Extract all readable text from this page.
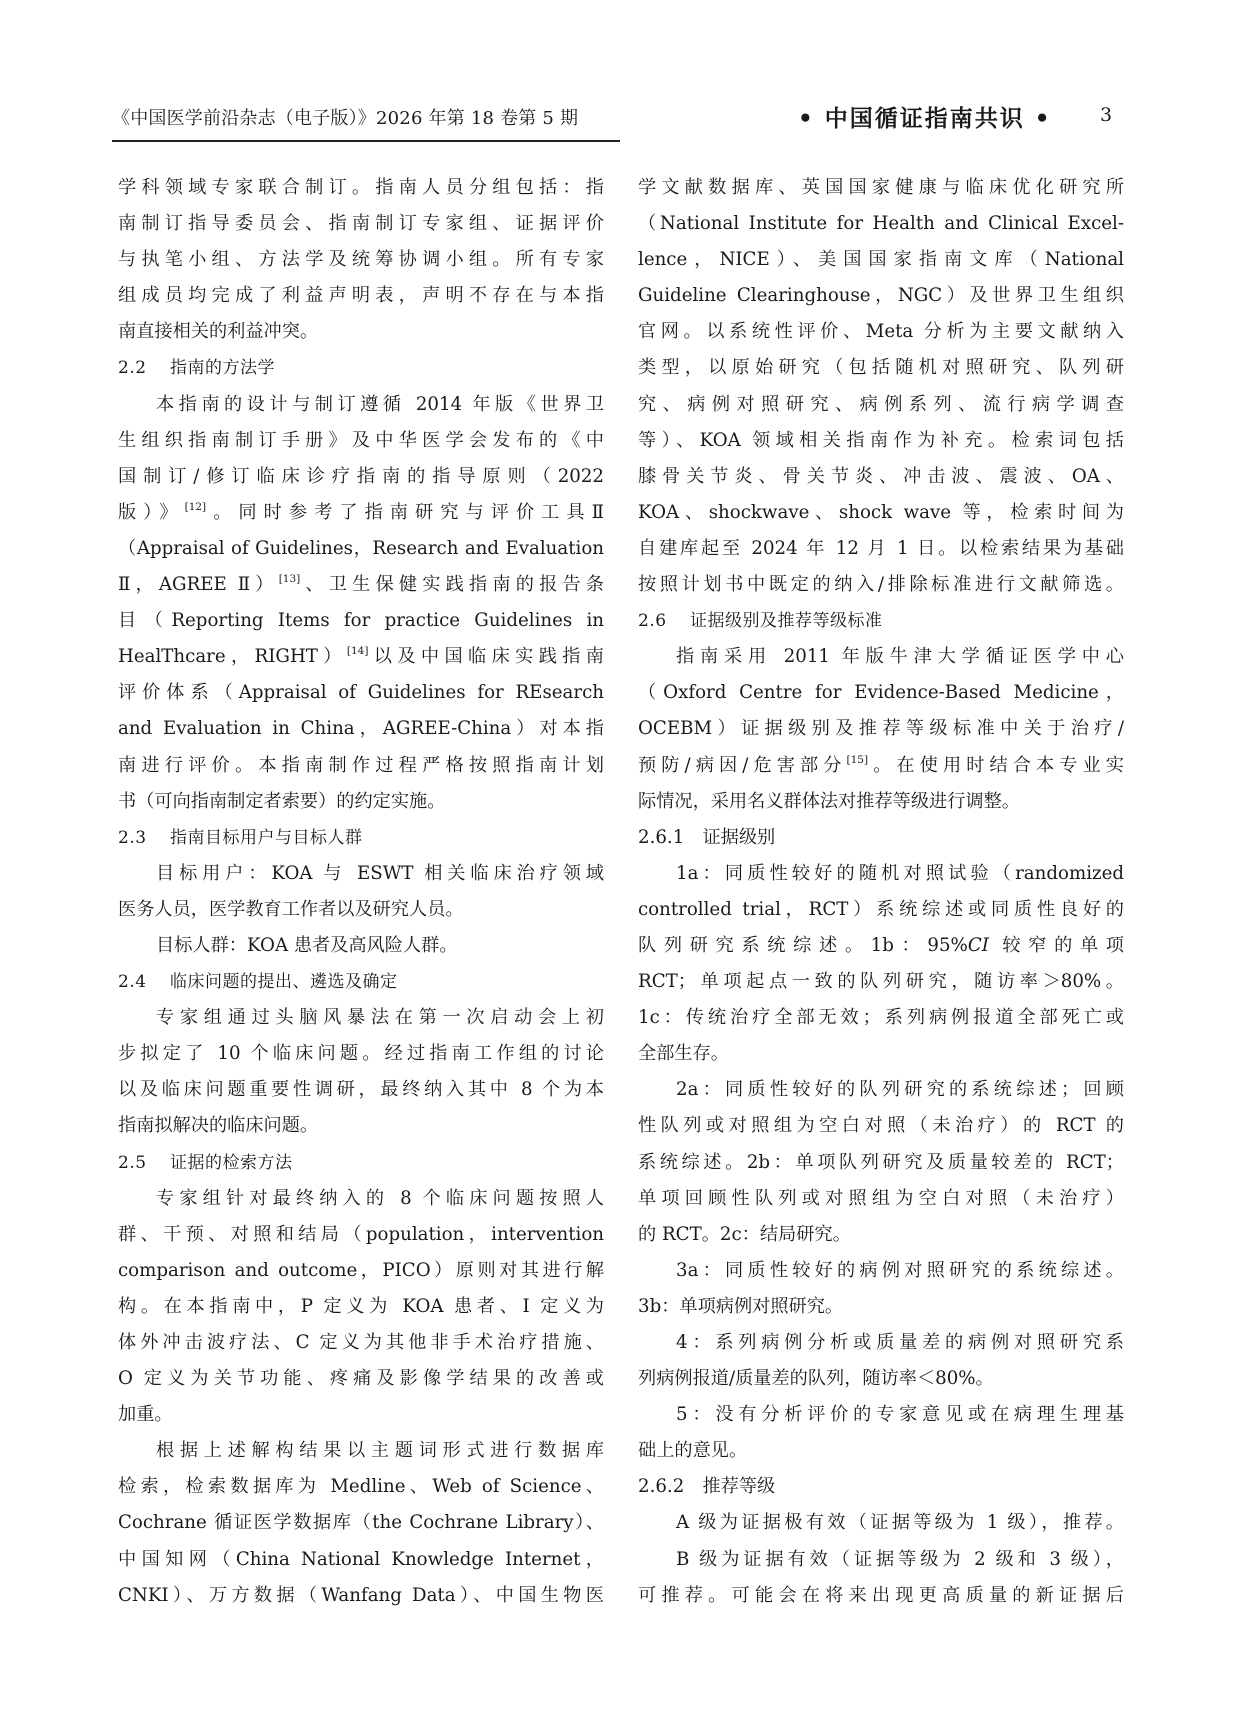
《中国医学前沿杂志（电子版）》2026 年第 18 卷第 5 期	• 中国循证指南共识 •	3
学科领域专家联合制订。指南人员分组包括：指
南制订指导委员会、指南制订专家组、证据评价
与执笔小组、方法学及统筹协调小组。所有专家
组成员均完成了利益声明表，声明不存在与本指
南直接相关的利益冲突。
2.2 指南的方法学
本指南的设计与制订遵循 2014 年版《世界卫
生组织指南制订手册》及中华医学会发布的《中
国制订/修订临床诊疗指南的指导原则（2022
版）》[12]。同时参考了指南研究与评价工具Ⅱ
（Appraisal of Guidelines，Research and Evaluation
Ⅱ，AGREE Ⅱ）[13]、卫生保健实践指南的报告条
目（Reporting Items for practice Guidelines in
HealThcare，RIGHT）[14]以及中国临床实践指南
评价体系（Appraisal of Guidelines for REsearch
and Evaluation in China，AGREE-China）对本指
南进行评价。本指南制作过程严格按照指南计划
书（可向指南制定者索要）的约定实施。
2.3 指南目标用户与目标人群
目标用户：KOA 与 ESWT 相关临床治疗领域
医务人员，医学教育工作者以及研究人员。
目标人群：KOA 患者及高风险人群。
2.4 临床问题的提出、遴选及确定
专家组通过头脑风暴法在第一次启动会上初
步拟定了 10 个临床问题。经过指南工作组的讨论
以及临床问题重要性调研，最终纳入其中 8 个为本
指南拟解决的临床问题。
2.5 证据的检索方法
专家组针对最终纳入的 8 个临床问题按照人
群、干预、对照和结局（population，intervention
comparison and outcome，PICO）原则对其进行解
构。在本指南中，P 定义为 KOA 患者、I 定义为
体外冲击波疗法、C 定义为其他非手术治疗措施、
O 定义为关节功能、疼痛及影像学结果的改善或
加重。
根据上述解构结果以主题词形式进行数据库
检索，检索数据库为 Medline、Web of Science、
Cochrane 循证医学数据库（the Cochrane Library）、
中国知网（China National Knowledge Internet，
CNKI）、万方数据（Wanfang Data）、中国生物医
学文献数据库、英国国家健康与临床优化研究所
（National Institute for Health and Clinical Excel-
lence，NICE）、美国国家指南文库（National
Guideline Clearinghouse，NGC）及世界卫生组织
官网。以系统性评价、Meta 分析为主要文献纳入
类型，以原始研究（包括随机对照研究、队列研
究、病例对照研究、病例系列、流行病学调查
等）、KOA 领域相关指南作为补充。检索词包括
膝骨关节炎、骨关节炎、冲击波、震波、OA、
KOA、shockwave、shock wave 等，检索时间为
自建库起至 2024 年 12 月 1 日。以检索结果为基础
按照计划书中既定的纳入/排除标准进行文献筛选。
2.6 证据级别及推荐等级标准
指南采用 2011 年版牛津大学循证医学中心
（Oxford Centre for Evidence-Based Medicine，
OCEBM）证据级别及推荐等级标准中关于治疗/
预防/病因/危害部分[15]。在使用时结合本专业实
际情况，采用名义群体法对推荐等级进行调整。
2.6.1　证据级别
1a：同质性较好的随机对照试验（randomized
controlled trial，RCT）系统综述或同质性良好的
队列研究系统综述。1b：95%CI 较窄的单项
RCT；单项起点一致的队列研究，随访率＞80%。
1c：传统治疗全部无效；系列病例报道全部死亡或
全部生存。
2a：同质性较好的队列研究的系统综述；回顾
性队列或对照组为空白对照（未治疗）的 RCT 的
系统综述。2b：单项队列研究及质量较差的 RCT；
单项回顾性队列或对照组为空白对照（未治疗）
的 RCT。2c：结局研究。
3a：同质性较好的病例对照研究的系统综述。
3b：单项病例对照研究。
4：系列病例分析或质量差的病例对照研究系
列病例报道/质量差的队列，随访率＜80%。
5：没有分析评价的专家意见或在病理生理基
础上的意见。
2.6.2　推荐等级
A 级为证据极有效（证据等级为 1 级），推荐。
B 级为证据有效（证据等级为 2 级和 3 级），
可推荐。可能会在将来出现更高质量的新证据后
